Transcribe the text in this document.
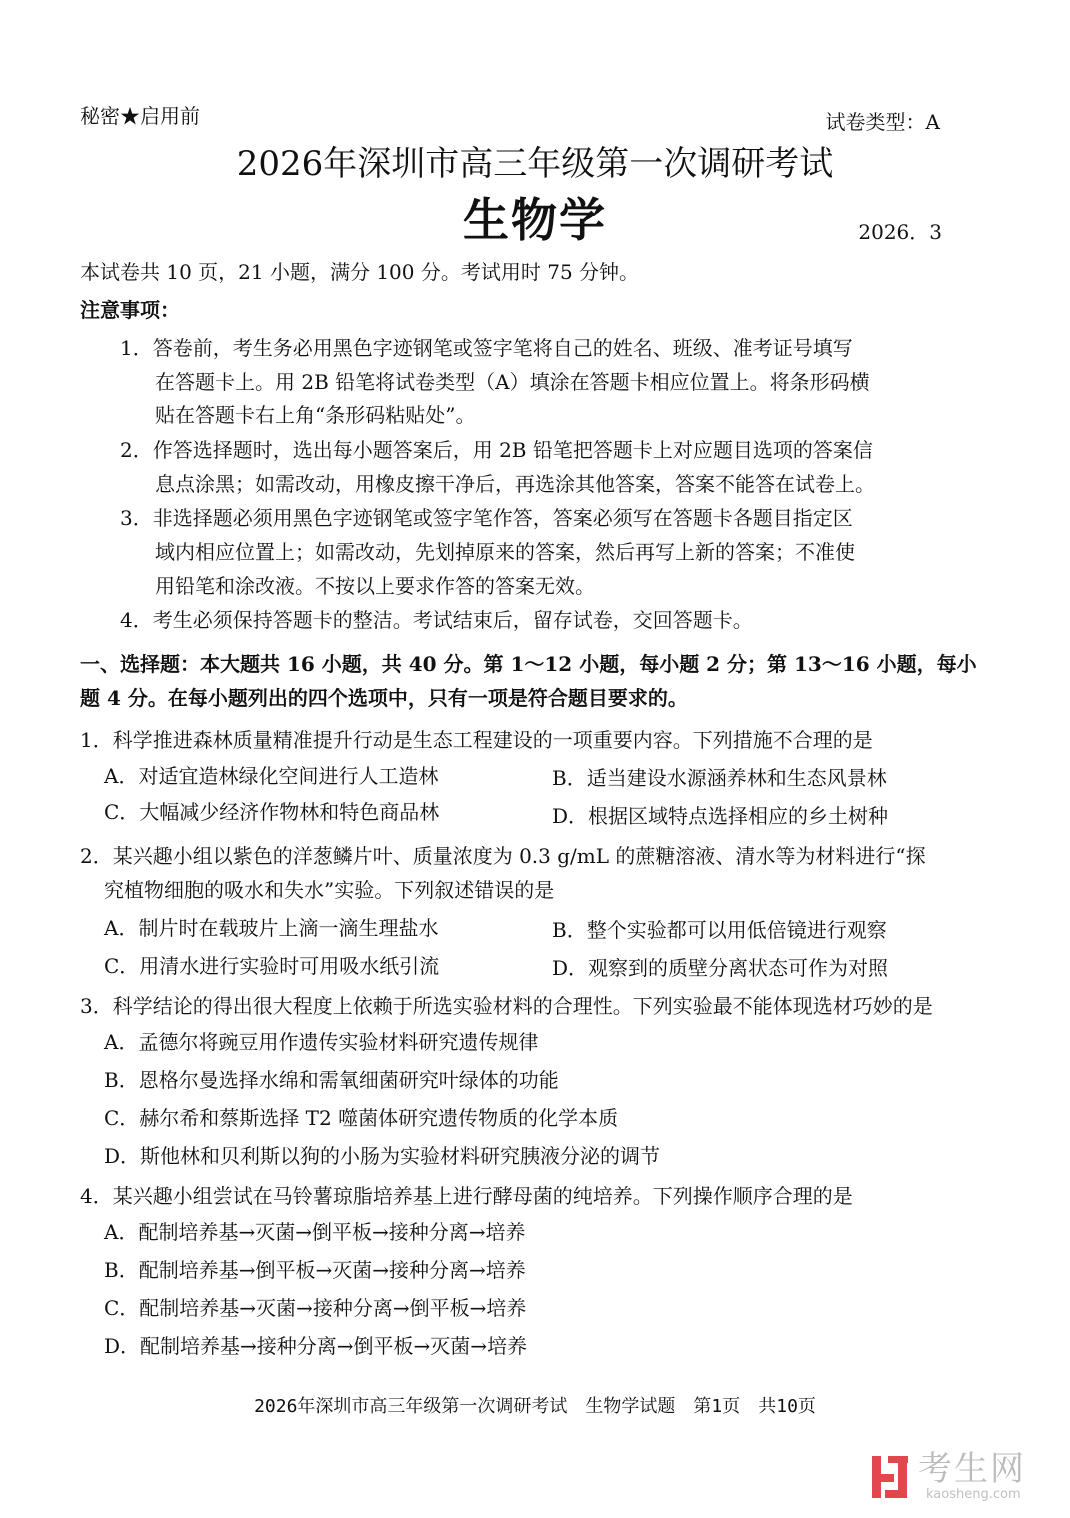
秘密★启用前	试卷类型：A
2026年深圳市高三年级第一次调研考试
生物学	2026．3
本试卷共 10 页，21 小题，满分 100 分。考试用时 75 分钟。
注意事项：
1．答卷前，考生务必用黑色字迹钢笔或签字笔将自己的姓名、班级、准考证号填写
在答题卡上。用 2B 铅笔将试卷类型（A）填涂在答题卡相应位置上。将条形码横
贴在答题卡右上角“条形码粘贴处”。
2．作答选择题时，选出每小题答案后，用 2B 铅笔把答题卡上对应题目选项的答案信
息点涂黑；如需改动，用橡皮擦干净后，再选涂其他答案，答案不能答在试卷上。
3．非选择题必须用黑色字迹钢笔或签字笔作答，答案必须写在答题卡各题目指定区
域内相应位置上；如需改动，先划掉原来的答案，然后再写上新的答案；不准使
用铅笔和涂改液。不按以上要求作答的答案无效。
4．考生必须保持答题卡的整洁。考试结束后，留存试卷，交回答题卡。
一、选择题：本大题共 16 小题，共 40 分。第 1～12 小题，每小题 2 分；第 13～16 小题，每小
题 4 分。在每小题列出的四个选项中，只有一项是符合题目要求的。
1．科学推进森林质量精准提升行动是生态工程建设的一项重要内容。下列措施不合理的是
A．对适宜造林绿化空间进行人工造林	B．适当建设水源涵养林和生态风景林
C．大幅减少经济作物林和特色商品林	D．根据区域特点选择相应的乡土树种
2．某兴趣小组以紫色的洋葱鳞片叶、质量浓度为 0.3 g/mL 的蔗糖溶液、清水等为材料进行“探
究植物细胞的吸水和失水”实验。下列叙述错误的是
A．制片时在载玻片上滴一滴生理盐水	B．整个实验都可以用低倍镜进行观察
C．用清水进行实验时可用吸水纸引流	D．观察到的质壁分离状态可作为对照
3．科学结论的得出很大程度上依赖于所选实验材料的合理性。下列实验最不能体现选材巧妙的是
A．孟德尔将豌豆用作遗传实验材料研究遗传规律
B．恩格尔曼选择水绵和需氧细菌研究叶绿体的功能
C．赫尔希和蔡斯选择 T2 噬菌体研究遗传物质的化学本质
D．斯他林和贝利斯以狗的小肠为实验材料研究胰液分泌的调节
4．某兴趣小组尝试在马铃薯琼脂培养基上进行酵母菌的纯培养。下列操作顺序合理的是
A．配制培养基→灭菌→倒平板→接种分离→培养
B．配制培养基→倒平板→灭菌→接种分离→培养
C．配制培养基→灭菌→接种分离→倒平板→培养
D．配制培养基→接种分离→倒平板→灭菌→培养
2026年深圳市高三年级第一次调研考试　生物学试题　第1页　共10页
考生网
kaosheng.com
